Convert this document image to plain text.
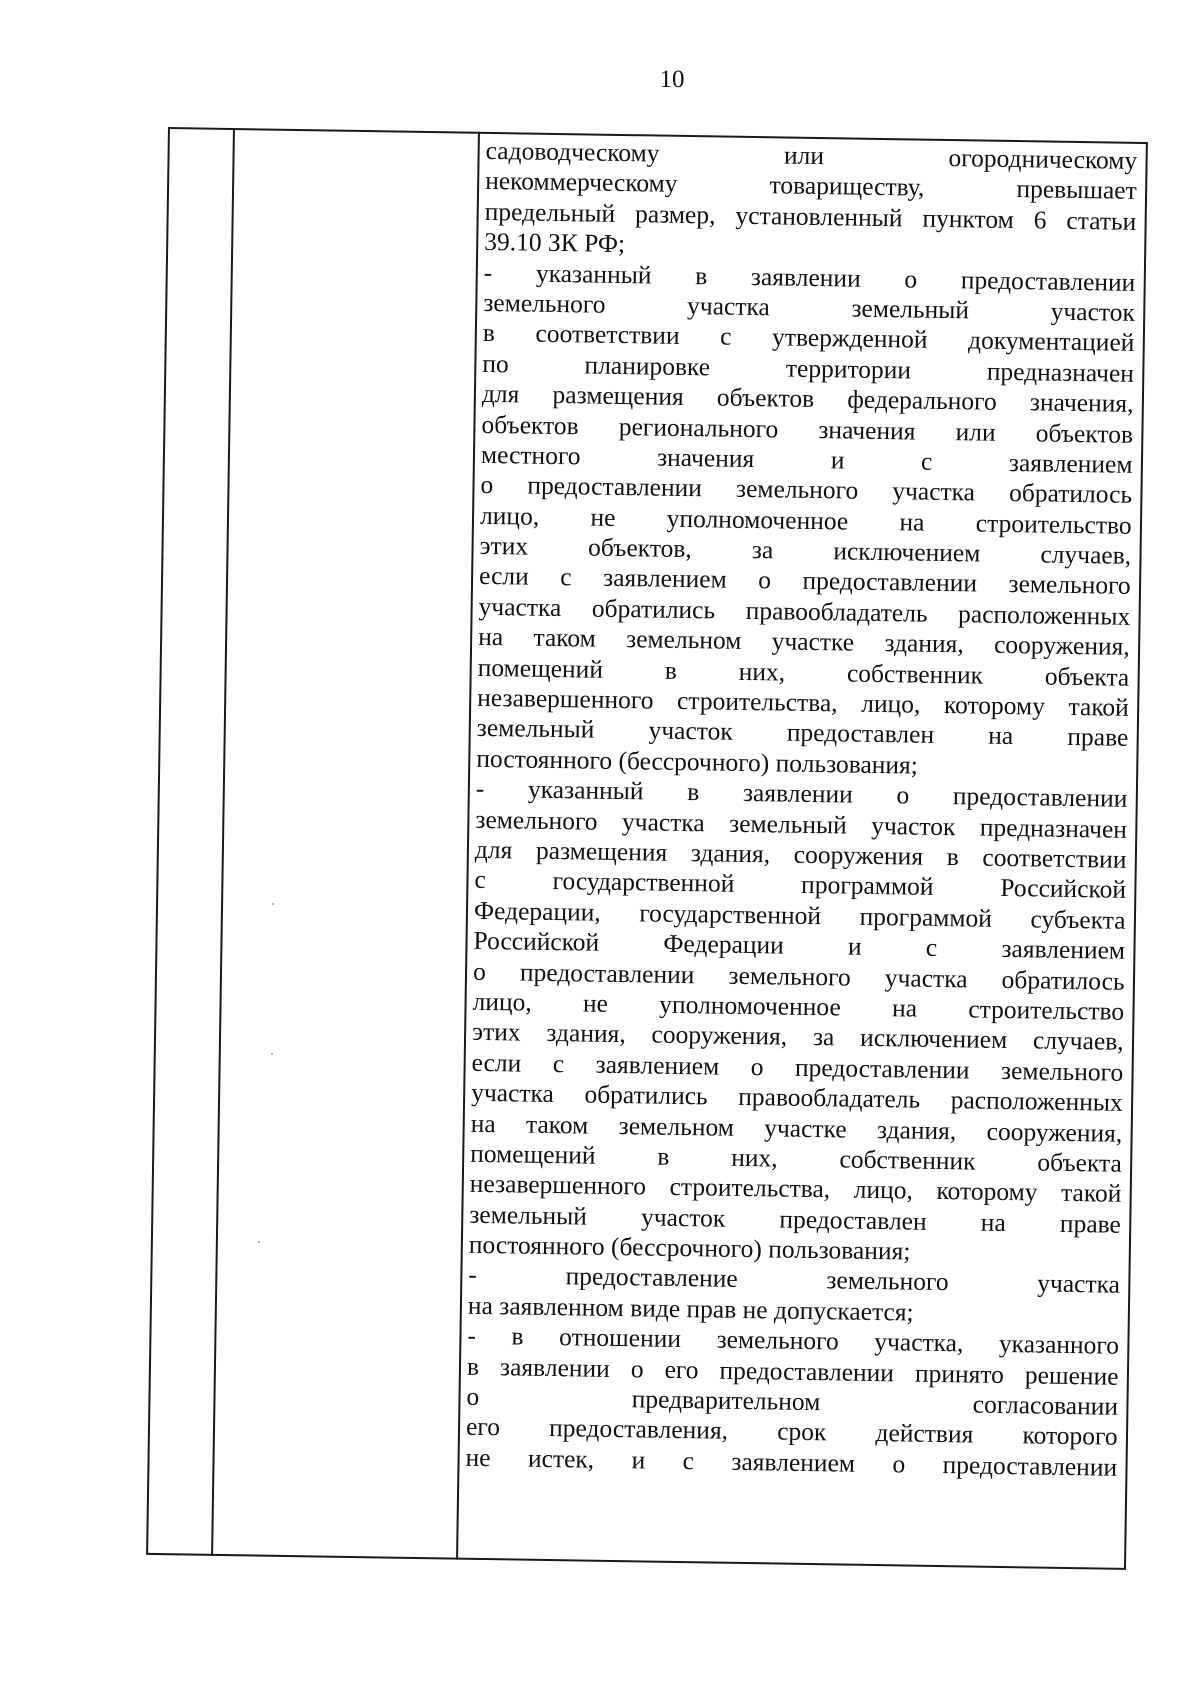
10
садоводческому или огородническому
некоммерческому товариществу, превышает
предельный размер, установленный пунктом 6 статьи
39.10 ЗК РФ;
- указанный в заявлении о предоставлении
земельного участка земельный участок
в соответствии с утвержденной документацией
по планировке территории предназначен
для размещения объектов федерального значения,
объектов регионального значения или объектов
местного значения и с заявлением
о предоставлении земельного участка обратилось
лицо, не уполномоченное на строительство
этих объектов, за исключением случаев,
если с заявлением о предоставлении земельного
участка обратились правообладатель расположенных
на таком земельном участке здания, сооружения,
помещений в них, собственник объекта
незавершенного строительства, лицо, которому такой
земельный участок предоставлен на праве
постоянного (бессрочного) пользования;
- указанный в заявлении о предоставлении
земельного участка земельный участок предназначен
для размещения здания, сооружения в соответствии
с государственной программой Российской
Федерации, государственной программой субъекта
Российской Федерации и с заявлением
о предоставлении земельного участка обратилось
лицо, не уполномоченное на строительство
этих здания, сооружения, за исключением случаев,
если с заявлением о предоставлении земельного
участка обратились правообладатель расположенных
на таком земельном участке здания, сооружения,
помещений в них, собственник объекта
незавершенного строительства, лицо, которому такой
земельный участок предоставлен на праве
постоянного (бессрочного) пользования;
- предоставление земельного участка
на заявленном виде прав не допускается;
- в отношении земельного участка, указанного
в заявлении о его предоставлении принято решение
о предварительном согласовании
его предоставления, срок действия которого
не истек, и с заявлением о предоставлении
